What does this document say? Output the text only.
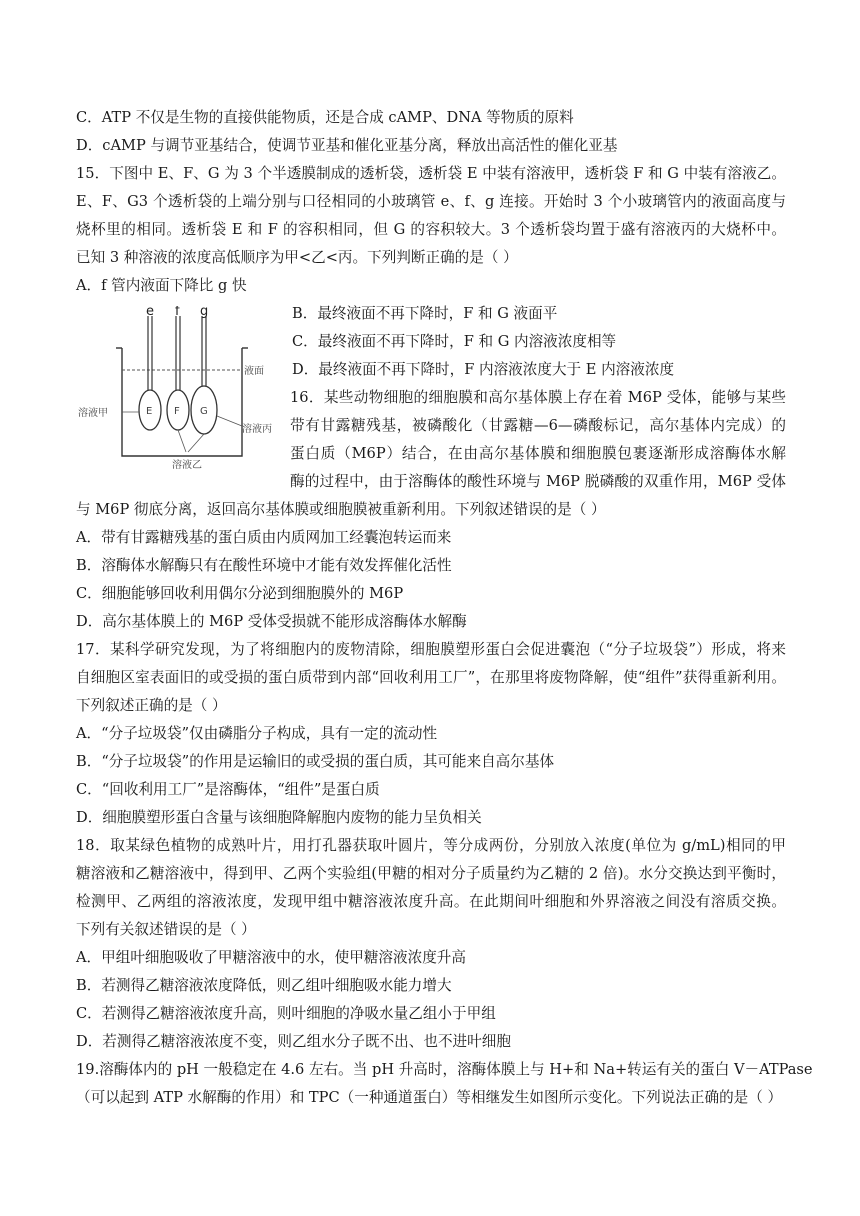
C．ATP 不仅是生物的直接供能物质，还是合成 cAMP、DNA 等物质的原料
D．cAMP 与调节亚基结合，使调节亚基和催化亚基分离，释放出高活性的催化亚基
15．下图中 E、F、G 为 3 个半透膜制成的透析袋，透析袋 E 中装有溶液甲，透析袋 F 和 G 中装有溶液乙。
E、F、G3 个透析袋的上端分别与口径相同的小玻璃管 e、f、g 连接。开始时 3 个小玻璃管内的液面高度与
烧杯里的相同。透析袋 E 和 F 的容积相同，但 G 的容积较大。3 个透析袋均置于盛有溶液丙的大烧杯中。
已知 3 种溶液的浓度高低顺序为甲<乙<丙。下列判断正确的是（ ）
A．f 管内液面下降比 g 快
e f g
E F G
液面
溶液甲
溶液丙
溶液乙
B．最终液面不再下降时，F 和 G 液面平
C．最终液面不再下降时，F 和 G 内溶液浓度相等
D．最终液面不再下降时，F 内溶液浓度大于 E 内溶液浓度
16．某些动物细胞的细胞膜和高尔基体膜上存在着 M6P 受体，能够与某些
带有甘露糖残基，被磷酸化（甘露糖—6—磷酸标记，高尔基体内完成）的
蛋白质（M6P）结合，在由高尔基体膜和细胞膜包裹逐渐形成溶酶体水解
酶的过程中，由于溶酶体的酸性环境与 M6P 脱磷酸的双重作用，M6P 受体
与 M6P 彻底分离，返回高尔基体膜或细胞膜被重新利用。下列叙述错误的是（ ）
A．带有甘露糖残基的蛋白质由内质网加工经囊泡转运而来
B．溶酶体水解酶只有在酸性环境中才能有效发挥催化活性
C．细胞能够回收利用偶尔分泌到细胞膜外的 M6P
D．高尔基体膜上的 M6P 受体受损就不能形成溶酶体水解酶
17．某科学研究发现，为了将细胞内的废物清除，细胞膜塑形蛋白会促进囊泡（“分子垃圾袋”）形成，将来
自细胞区室表面旧的或受损的蛋白质带到内部“回收利用工厂”，在那里将废物降解，使“组件”获得重新利用。
下列叙述正确的是（ ）
A．“分子垃圾袋”仅由磷脂分子构成，具有一定的流动性
B．“分子垃圾袋”的作用是运输旧的或受损的蛋白质，其可能来自高尔基体
C．“回收利用工厂”是溶酶体，“组件”是蛋白质
D．细胞膜塑形蛋白含量与该细胞降解胞内废物的能力呈负相关
18．取某绿色植物的成熟叶片，用打孔器获取叶圆片，等分成两份，分别放入浓度(单位为 g/mL)相同的甲
糖溶液和乙糖溶液中，得到甲、乙两个实验组(甲糖的相对分子质量约为乙糖的 2 倍)。水分交换达到平衡时，
检测甲、乙两组的溶液浓度，发现甲组中糖溶液浓度升高。在此期间叶细胞和外界溶液之间没有溶质交换。
下列有关叙述错误的是（ ）
A．甲组叶细胞吸收了甲糖溶液中的水，使甲糖溶液浓度升高
B．若测得乙糖溶液浓度降低，则乙组叶细胞吸水能力增大
C．若测得乙糖溶液浓度升高，则叶细胞的净吸水量乙组小于甲组
D．若测得乙糖溶液浓度不变，则乙组水分子既不出、也不进叶细胞
19.溶酶体内的 pH 一般稳定在 4.6 左右。当 pH 升高时，溶酶体膜上与 H+和 Na+转运有关的蛋白 V－ATPase
（可以起到 ATP 水解酶的作用）和 TPC（一种通道蛋白）等相继发生如图所示变化。下列说法正确的是（ ）
